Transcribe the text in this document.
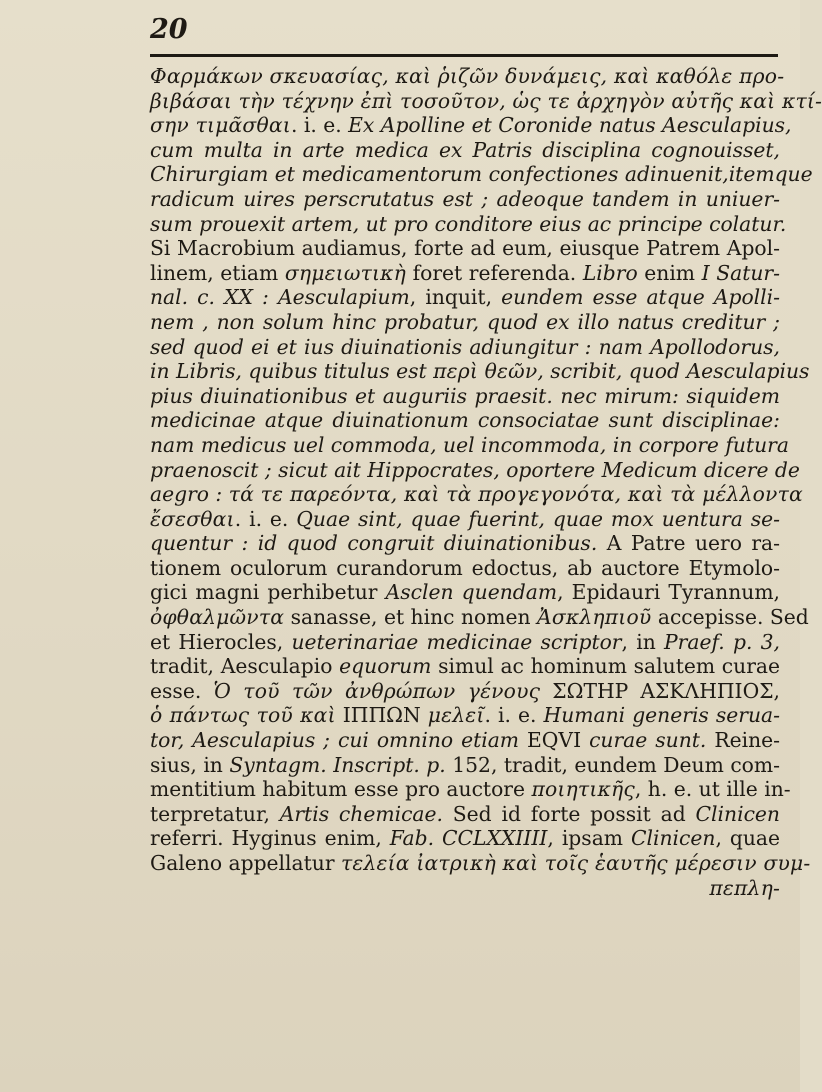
20
Φαρμάκων σκευασίας, καὶ ῥιζῶν δυνάμεις, καὶ καθόλε προ-
βιβάσαι τὴν τέχνην ἐπὶ τοσοῦτον, ὡς τε ἀρχηγὸν αὐτῆς καὶ κτί-
σην τιμᾶσθαι. i. e. Ex Apolline et Coronide natus Aesculapius,
cum multa in arte medica ex Patris disciplina cognouisset,
Chirurgiam et medicamentorum confectiones adinuenit,itemque
radicum uires perscrutatus est ; adeoque tandem in uniuer-
sum prouexit artem, ut pro conditore eius ac principe colatur.
Si Macrobium audiamus, forte ad eum, eiusque Patrem Apol-
linem, etiam σημειωτικὴ foret referenda. Libro enim I Satur-
nal. c. XX : Aesculapium, inquit, eundem esse atque Apolli-
nem , non solum hinc probatur, quod ex illo natus creditur ;
sed quod ei et ius diuinationis adiungitur : nam Apollodorus,
in Libris, quibus titulus est περὶ θεῶν, scribit, quod Aesculapius
pius diuinationibus et auguriis praesit. nec mirum: siquidem
medicinae atque diuinationum consociatae sunt disciplinae:
nam medicus uel commoda, uel incommoda, in corpore futura
praenoscit ; sicut ait Hippocrates, oportere Medicum dicere de
aegro : τά τε παρεόντα, καὶ τὰ προγεγονότα, καὶ τὰ μέλλοντα
ἔσεσθαι. i. e. Quae sint, quae fuerint, quae mox uentura se-
quentur : id quod congruit diuinationibus. A Patre uero ra-
tionem oculorum curandorum edoctus, ab auctore Etymolo-
gici magni perhibetur Asclen quendam, Epidauri Tyrannum,
ὀφθαλμῶντα sanasse, et hinc nomen Ἀσκληπιοῦ accepisse. Sed
et Hierocles, ueterinariae medicinae scriptor, in Praef. p. 3,
tradit, Aesculapio equorum simul ac hominum salutem curae
esse. Ὁ τοῦ τῶν ἀνθρώπων γένους ΣΩΤΗΡ ΑΣΚΛΗΠΙΟΣ,
ὁ πάντως τοῦ καὶ ΙΠΠΩΝ μελεῖ. i. e. Humani generis serua-
tor, Aesculapius ; cui omnino etiam EQVI curae sunt. Reine-
sius, in Syntagm. Inscript. p. 152, tradit, eundem Deum com-
mentitium habitum esse pro auctore ποιητικῆς, h. e. ut ille in-
terpretatur, Artis chemicae. Sed id forte possit ad Clinicen
referri. Hyginus enim, Fab. CCLXXIIII, ipsam Clinicen, quae
Galeno appellatur τελεία ἰατρικὴ καὶ τοῖς ἑαυτῆς μέρεσιν συμ-
πεπλη-
